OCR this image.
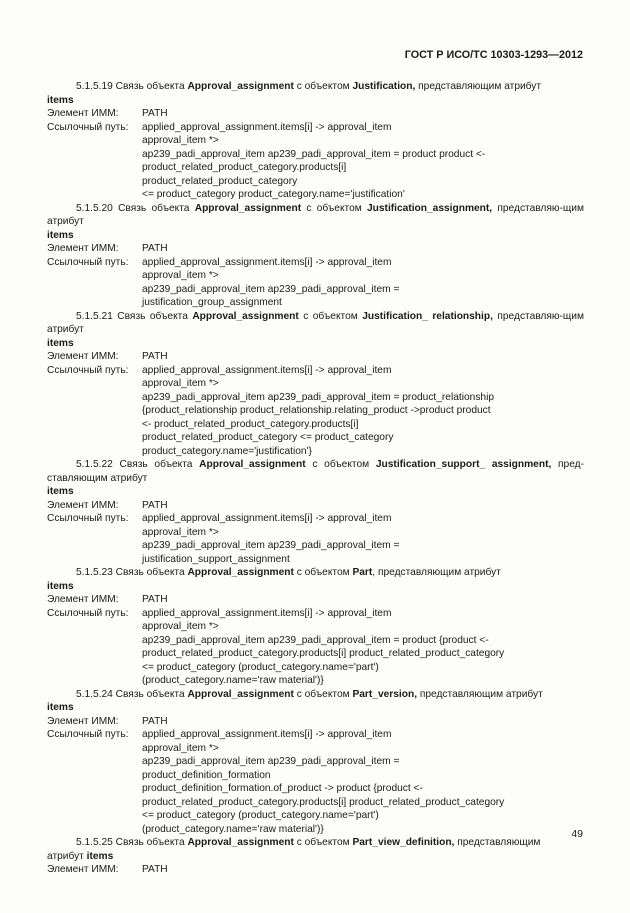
ГОСТ Р ИСО/ТС 10303-1293—2012
5.1.5.19 Связь объекта Approval_assignment с объектом Justification, представляющим атрибут
items
Элемент ИММ:	PATH
Ссылочный путь:	applied_approval_assignment.items[i] -> approval_item
approval_item *>
ap239_padi_approval_item ap239_padi_approval_item = product product <-
product_related_product_category.products[i]
product_related_product_category
<= product_category product_category.name='justification'
5.1.5.20 Связь объекта Approval_assignment с объектом Justification_assignment, представляю-щим атрибут
items
Элемент ИММ:	PATH
Ссылочный путь:	applied_approval_assignment.items[i] -> approval_item
approval_item *>
ap239_padi_approval_item ap239_padi_approval_item =
justification_group_assignment
5.1.5.21 Связь объекта Approval_assignment с объектом Justification_ relationship, представляю-щим атрибут
items
Элемент ИММ:	PATH
Ссылочный путь:	applied_approval_assignment.items[i] -> approval_item
approval_item *>
ap239_padi_approval_item ap239_padi_approval_item = product_relationship
{product_relationship product_relationship.relating_product ->product product
<- product_related_product_category.products[i]
product_related_product_category <= product_category
product_category.name='justification'}
5.1.5.22 Связь объекта Approval_assignment с объектом Justification_support_ assignment, пред-ставляющим атрибут
items
Элемент ИММ:	PATH
Ссылочный путь:	applied_approval_assignment.items[i] -> approval_item
approval_item *>
ap239_padi_approval_item ap239_padi_approval_item =
justification_support_assignment
5.1.5.23 Связь объекта Approval_assignment с объектом Part, представляющим атрибут
items
Элемент ИММ:	PATH
Ссылочный путь:	applied_approval_assignment.items[i] -> approval_item
approval_item *>
ap239_padi_approval_item ap239_padi_approval_item = product {product <-
product_related_product_category.products[i] product_related_product_category
<= product_category (product_category.name='part')
(product_category.name='raw material')}
5.1.5.24 Связь объекта Approval_assignment с объектом Part_version, представляющим атрибут
items
Элемент ИММ:	PATH
Ссылочный путь:	applied_approval_assignment.items[i] -> approval_item
approval_item *>
ap239_padi_approval_item ap239_padi_approval_item =
product_definition_formation
product_definition_formation.of_product -> product {product <-
product_related_product_category.products[i] product_related_product_category
<= product_category (product_category.name='part')
(product_category.name='raw material')}
5.1.5.25 Связь объекта Approval_assignment с объектом Part_view_definition, представляющим
атрибут items
Элемент ИММ:	PATH
49
